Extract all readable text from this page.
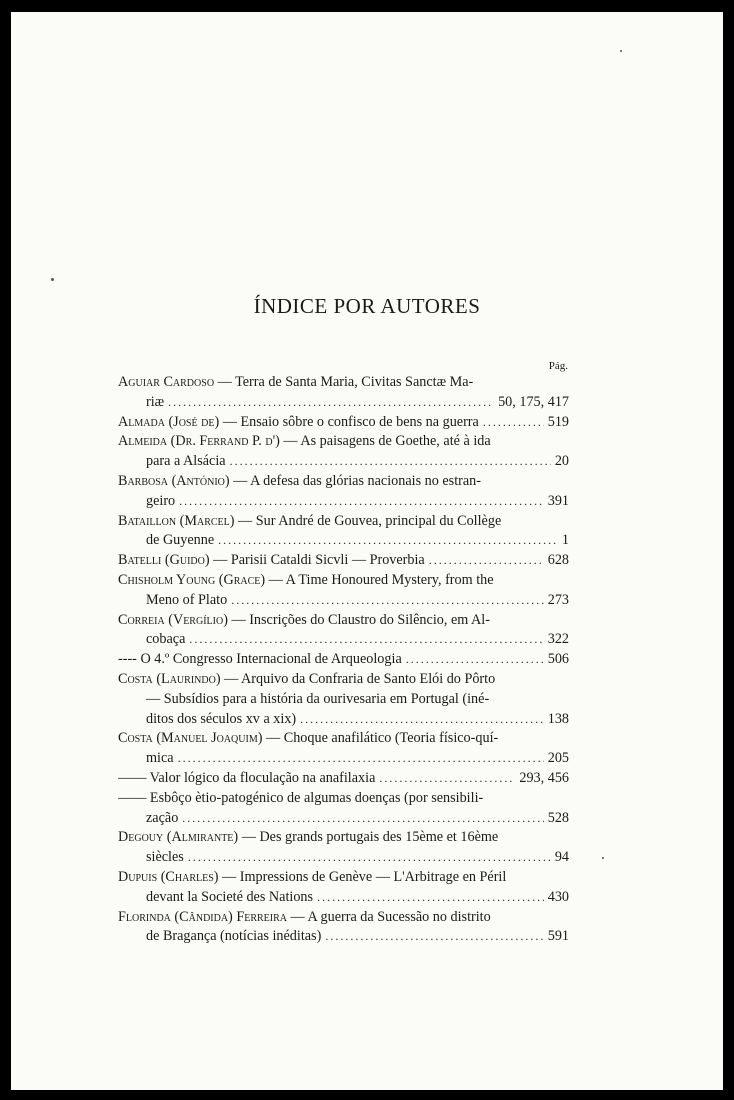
ÍNDICE POR AUTORES
Pág.
Aguiar Cardoso — Terra de Santa Maria, Civitas Sanctæ Ma-
riæ .....	50, 175, 417
Almada (José de) — Ensaio sôbre o confisco de bens na guerra .....	519
Almeida (Dr. Ferrand P. d') — As paisagens de Goethe, até à ida
para a Alsácia .....	20
Barbosa (António) — A defesa das glórias nacionais no estran-
geiro .....	391
Bataillon (Marcel) — Sur André de Gouvea, principal du Collège
de Guyenne .....	1
Batelli (Guido) — Parisii Cataldi Sicvli — Proverbia .....	628
Chisholm Young (Grace) — A Time Honoured Mystery, from the
Meno of Plato .....	273
Correia (Vergílio) — Inscrições do Claustro do Silêncio, em Al-
cobaça .....	322
---- O 4.º Congresso Internacional de Arqueologia .....	506
Costa (Laurindo) — Arquivo da Confraria de Santo Elói do Pôrto
— Subsídios para a história da ourivesaria em Portugal (iné-
ditos dos séculos xv a xix) .....	138
Costa (Manuel Joaquim) — Choque anafilático (Teoria físico-quí-
mica .....	205
—— Valor lógico da floculação na anafilaxia .....	293, 456
—— Esbôço ètio-patogénico de algumas doenças (por sensibili-
zação .....	528
Degouy (Almirante) — Des grands portugais des 15ème et 16ème
siècles .....	94
Dupuis (Charles) — Impressions de Genève — L'Arbitrage en Péril
devant la Societé des Nations .....	430
Florinda (Cândida) Ferreira — A guerra da Sucessão no distrito
de Bragança (notícias inéditas) .....	591
